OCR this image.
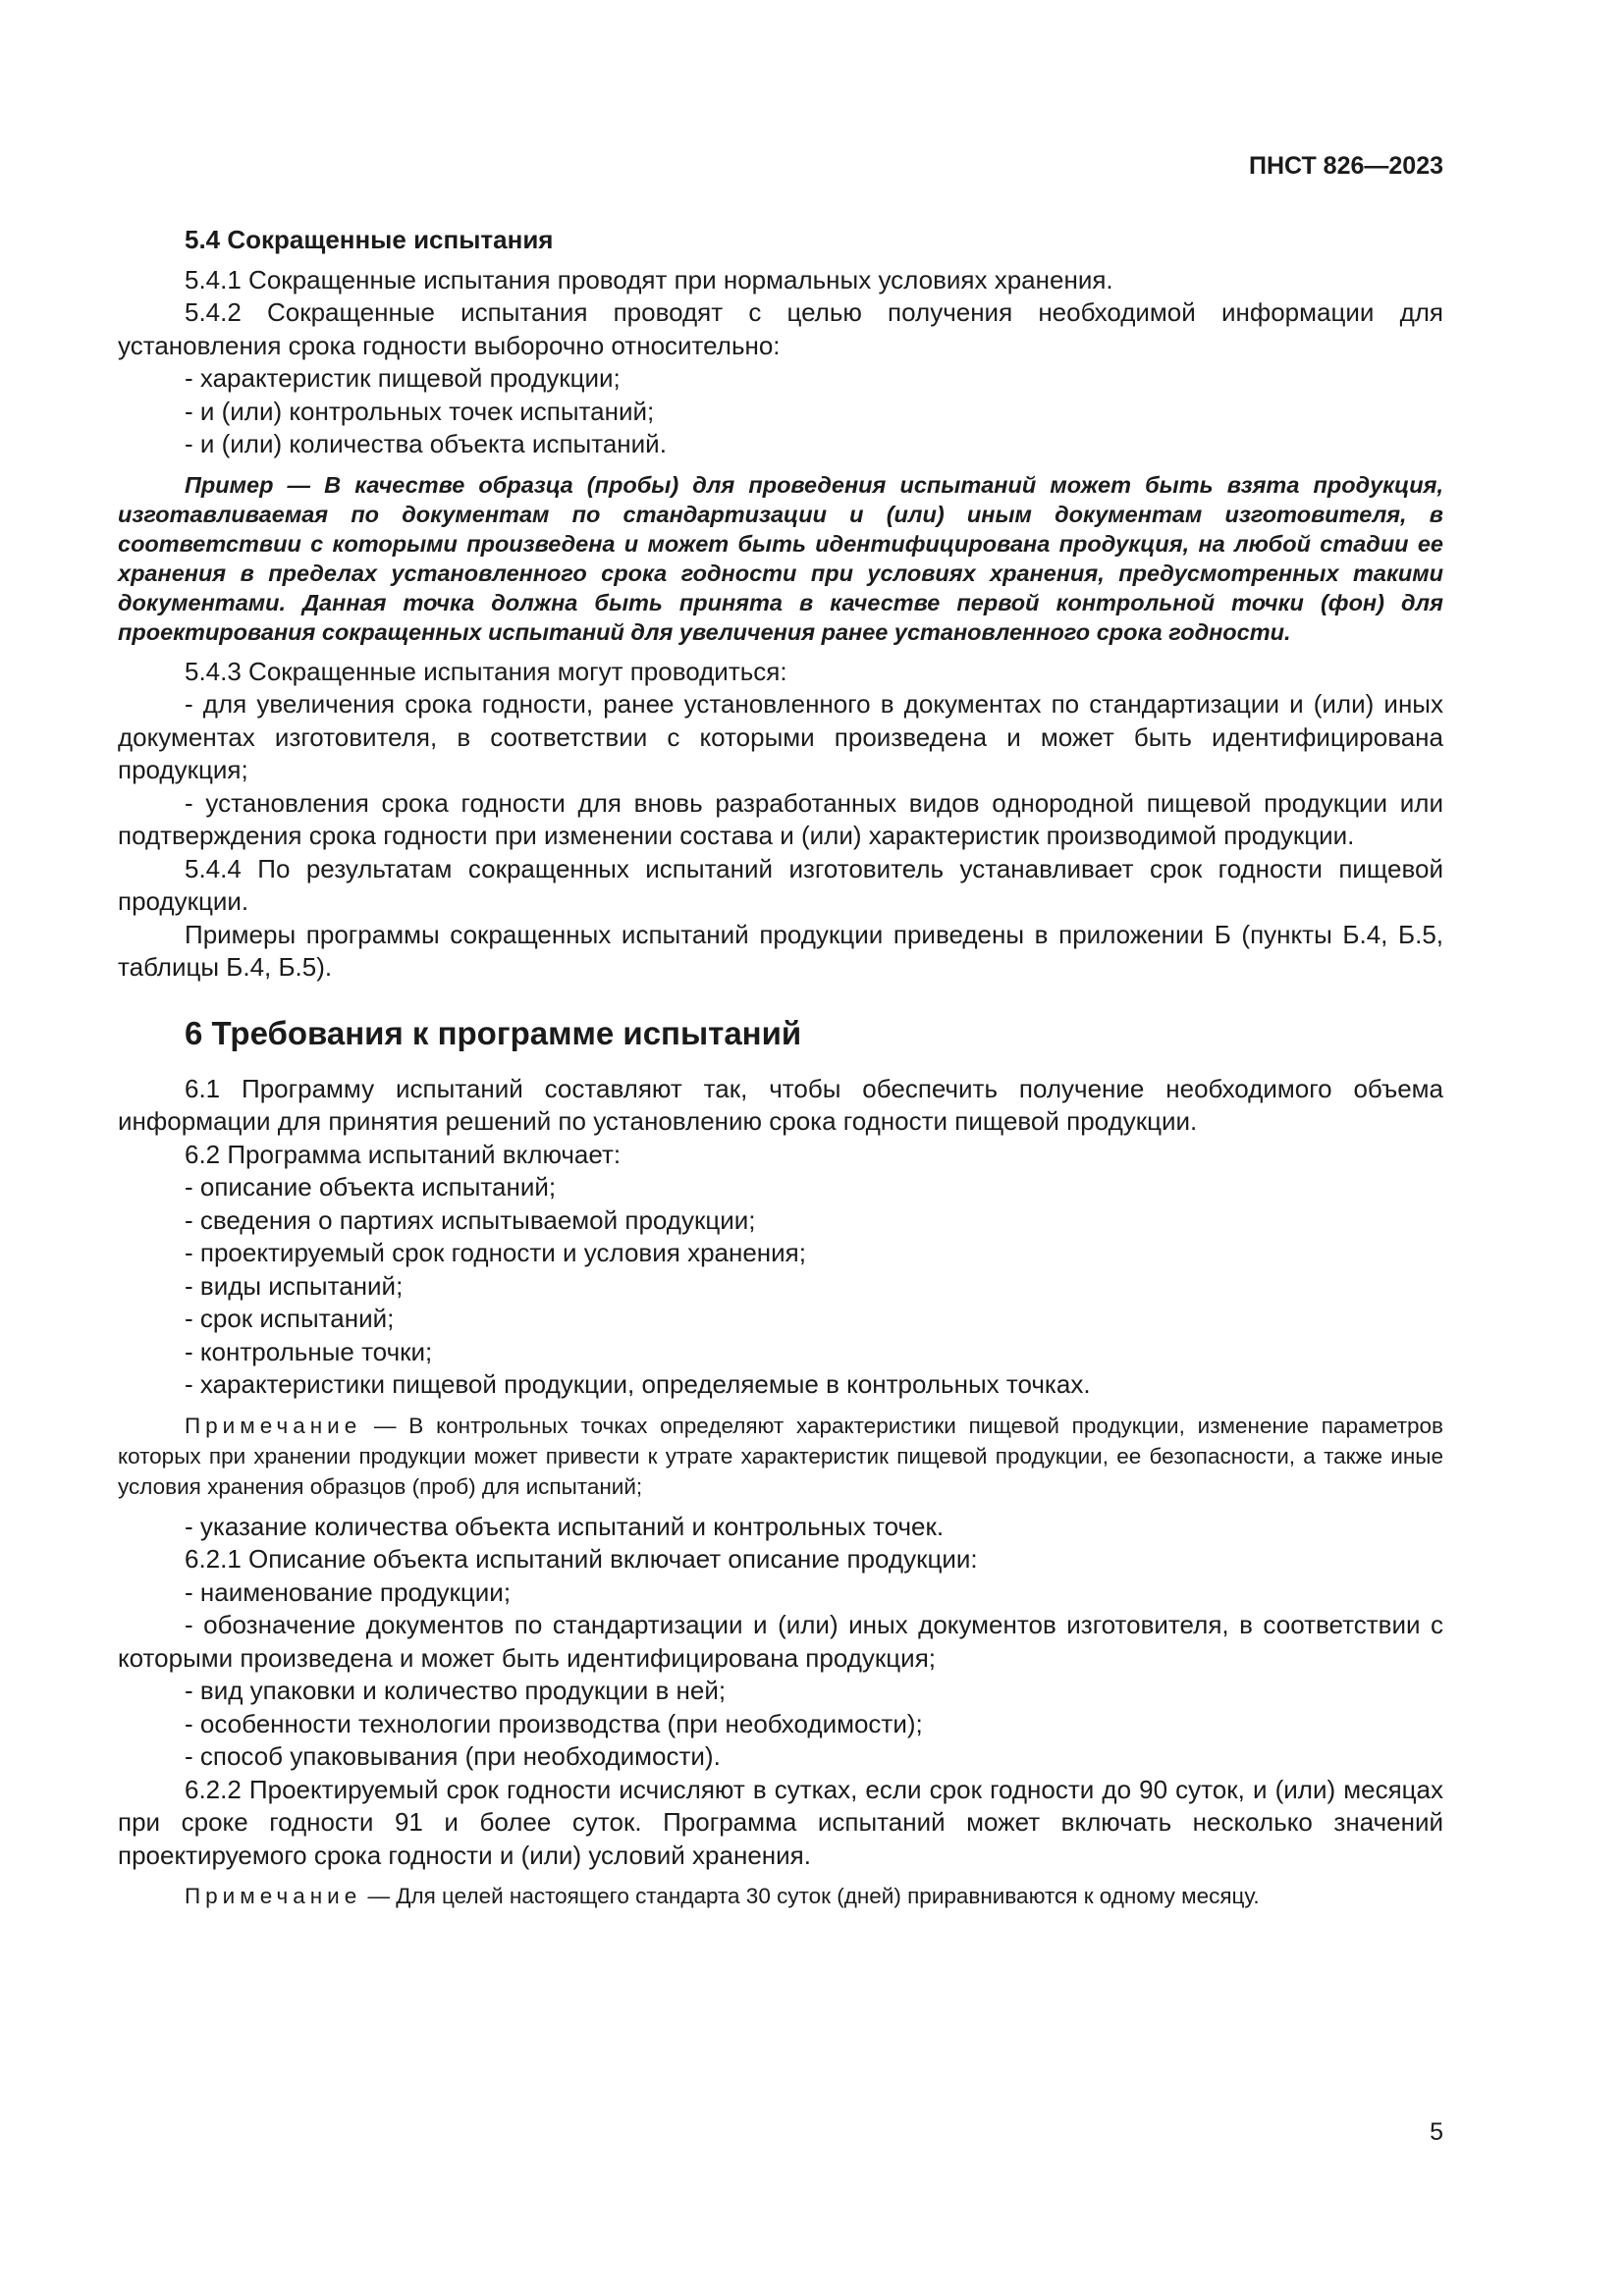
ПНСТ 826—2023

5.4 Сокращенные испытания

5.4.1 Сокращенные испытания проводят при нормальных условиях хранения.

5.4.2 Сокращенные испытания проводят с целью получения необходимой информации для установления срока годности выборочно относительно:

- характеристик пищевой продукции;

- и (или) контрольных точек испытаний;

- и (или) количества объекта испытаний.

Пример — В качестве образца (пробы) для проведения испытаний может быть взята продукция, изготавливаемая по документам по стандартизации и (или) иным документам изготовителя, в соответствии с которыми произведена и может быть идентифицирована продукция, на любой стадии ее хранения в пределах установленного срока годности при условиях хранения, предусмотренных такими документами. Данная точка должна быть принята в качестве первой контрольной точки (фон) для проектирования сокращенных испытаний для увеличения ранее установленного срока годности.

5.4.3 Сокращенные испытания могут проводиться:

- для увеличения срока годности, ранее установленного в документах по стандартизации и (или) иных документах изготовителя, в соответствии с которыми произведена и может быть идентифицирована продукция;

- установления срока годности для вновь разработанных видов однородной пищевой продукции или подтверждения срока годности при изменении состава и (или) характеристик производимой продукции.

5.4.4 По результатам сокращенных испытаний изготовитель устанавливает срок годности пищевой продукции.

Примеры программы сокращенных испытаний продукции приведены в приложении Б (пункты Б.4, Б.5, таблицы Б.4, Б.5).

6 Требования к программе испытаний

6.1 Программу испытаний составляют так, чтобы обеспечить получение необходимого объема информации для принятия решений по установлению срока годности пищевой продукции.

6.2 Программа испытаний включает:

- описание объекта испытаний;

- сведения о партиях испытываемой продукции;

- проектируемый срок годности и условия хранения;

- виды испытаний;

- срок испытаний;

- контрольные точки;

- характеристики пищевой продукции, определяемые в контрольных точках.

Примечание — В контрольных точках определяют характеристики пищевой продукции, изменение параметров которых при хранении продукции может привести к утрате характеристик пищевой продукции, ее безопасности, а также иные условия хранения образцов (проб) для испытаний;

- указание количества объекта испытаний и контрольных точек.

6.2.1 Описание объекта испытаний включает описание продукции:

- наименование продукции;

- обозначение документов по стандартизации и (или) иных документов изготовителя, в соответствии с которыми произведена и может быть идентифицирована продукция;

- вид упаковки и количество продукции в ней;

- особенности технологии производства (при необходимости);

- способ упаковывания (при необходимости).

6.2.2 Проектируемый срок годности исчисляют в сутках, если срок годности до 90 суток, и (или) месяцах при сроке годности 91 и более суток. Программа испытаний может включать несколько значений проектируемого срока годности и (или) условий хранения.

Примечание — Для целей настоящего стандарта 30 суток (дней) приравниваются к одному месяцу.

5
